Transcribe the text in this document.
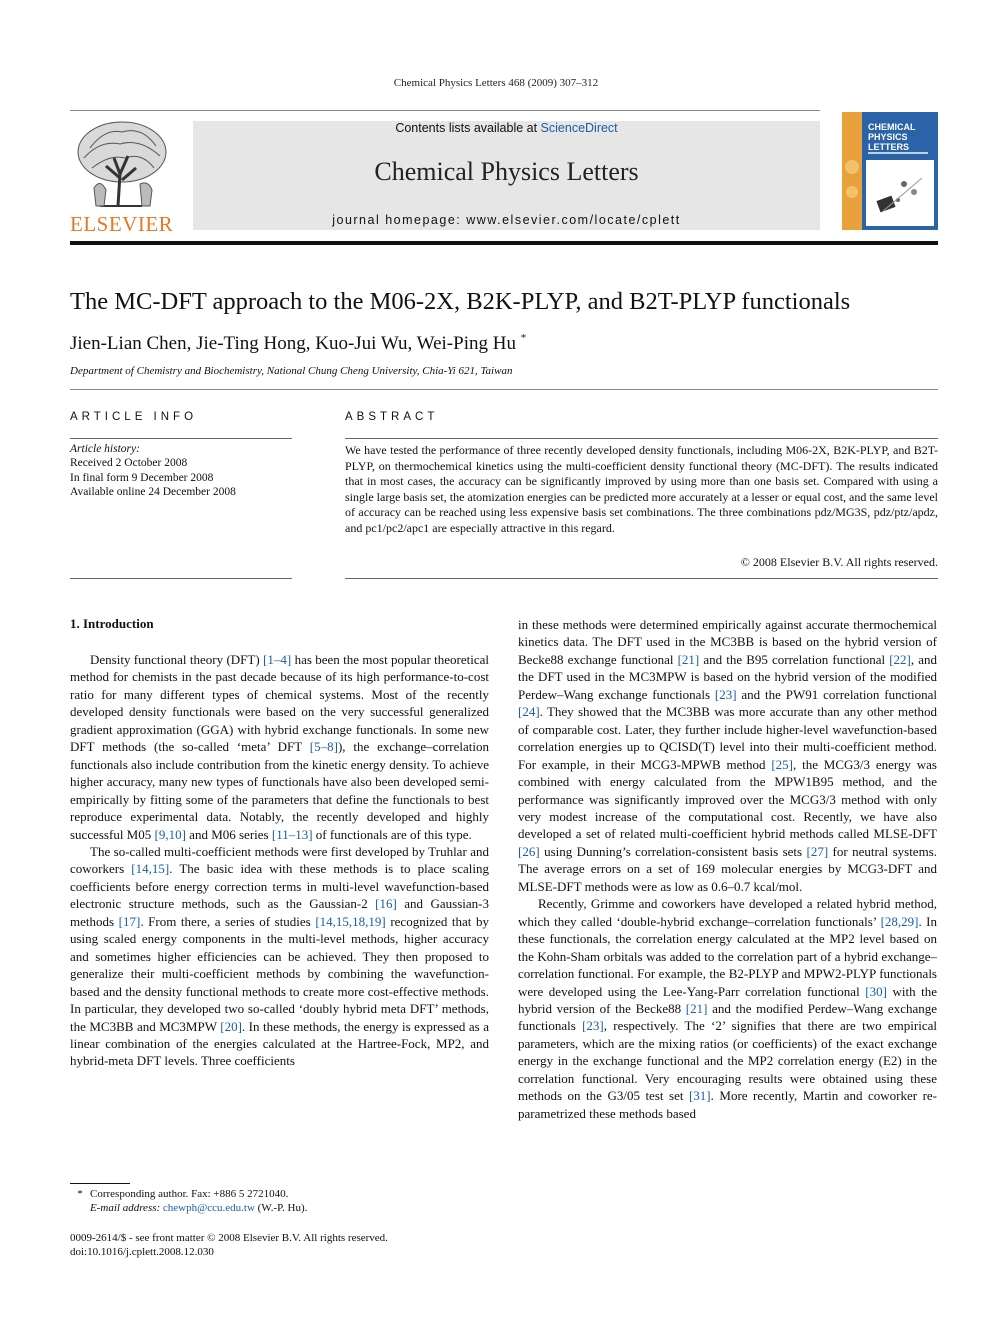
Chemical Physics Letters 468 (2009) 307–312
ELSEVIER
Contents lists available at ScienceDirect
Chemical Physics Letters
journal homepage: www.elsevier.com/locate/cplett
CHEMICAL
PHYSICS
LETTERS
The MC-DFT approach to the M06-2X, B2K-PLYP, and B2T-PLYP functionals
Jien-Lian Chen, Jie-Ting Hong, Kuo-Jui Wu, Wei-Ping Hu *
Department of Chemistry and Biochemistry, National Chung Cheng University, Chia-Yi 621, Taiwan
ARTICLE INFO	ABSTRACT
Article history:
Received 2 October 2008
In final form 9 December 2008
Available online 24 December 2008
We have tested the performance of three recently developed density functionals, including M06-2X, B2K-PLYP, and B2T-PLYP, on thermochemical kinetics using the multi-coefficient density functional theory (MC-DFT). The results indicated that in most cases, the accuracy can be significantly improved by using more than one basis set. Compared with using a single large basis set, the atomization energies can be predicted more accurately at a lesser or equal cost, and the same level of accuracy can be reached using less expensive basis set combinations. The three combinations pdz/MG3S, pdz/ptz/apdz, and pc1/pc2/apc1 are especially attractive in this regard.
© 2008 Elsevier B.V. All rights reserved.
1. Introduction

Density functional theory (DFT) [1–4] has been the most popular theoretical method for chemists in the past decade because of its high performance-to-cost ratio for many different types of chemical systems. Most of the recently developed density functionals were based on the very successful generalized gradient approximation (GGA) with hybrid exchange functionals. In some new DFT methods (the so-called ‘meta’ DFT [5–8]), the exchange–correlation functionals also include contribution from the kinetic energy density. To achieve higher accuracy, many new types of functionals have also been developed semi-empirically by fitting some of the parameters that define the functionals to best reproduce experimental data. Notably, the recently developed and highly successful M05 [9,10] and M06 series [11–13] of functionals are of this type.

The so-called multi-coefficient methods were first developed by Truhlar and coworkers [14,15]. The basic idea with these methods is to place scaling coefficients before energy correction terms in multi-level wavefunction-based electronic structure methods, such as the Gaussian-2 [16] and Gaussian-3 methods [17]. From there, a series of studies [14,15,18,19] recognized that by using scaled energy components in the multi-level methods, higher accuracy and sometimes higher efficiencies can be achieved. They then proposed to generalize their multi-coefficient methods by combining the wavefunction-based and the density functional methods to create more cost-effective methods. In particular, they developed two so-called ‘doubly hybrid meta DFT’ methods, the MC3BB and MC3MPW [20]. In these methods, the energy is expressed as a linear combination of the energies calculated at the Hartree-Fock, MP2, and hybrid-meta DFT levels. Three coefficients

in these methods were determined empirically against accurate thermochemical kinetics data. The DFT used in the MC3BB is based on the hybrid version of Becke88 exchange functional [21] and the B95 correlation functional [22], and the DFT used in the MC3MPW is based on the hybrid version of the modified Perdew–Wang exchange functionals [23] and the PW91 correlation functional [24]. They showed that the MC3BB was more accurate than any other method of comparable cost. Later, they further include higher-level wavefunction-based correlation energies up to QCISD(T) level into their multi-coefficient method. For example, in their MCG3-MPWB method [25], the MCG3/3 energy was combined with energy calculated from the MPW1B95 method, and the performance was significantly improved over the MCG3/3 method with only very modest increase of the computational cost. Recently, we have also developed a set of related multi-coefficient hybrid methods called MLSE-DFT [26] using Dunning’s correlation-consistent basis sets [27] for neutral systems. The average errors on a set of 169 molecular energies by MCG3-DFT and MLSE-DFT methods were as low as 0.6–0.7 kcal/mol.

Recently, Grimme and coworkers have developed a related hybrid method, which they called ‘double-hybrid exchange–correlation functionals’ [28,29]. In these functionals, the correlation energy calculated at the MP2 level based on the Kohn-Sham orbitals was added to the correlation part of a hybrid exchange–correlation functional. For example, the B2-PLYP and MPW2-PLYP functionals were developed using the Lee-Yang-Parr correlation functional [30] with the hybrid version of the Becke88 [21] and the modified Perdew–Wang exchange functionals [23], respectively. The ‘2’ signifies that there are two empirical parameters, which are the mixing ratios (or coefficients) of the exact exchange energy in the exchange functional and the MP2 correlation energy (E2) in the correlation functional. Very encouraging results were obtained using these methods on the G3/05 test set [31]. More recently, Martin and coworker re-parametrized these methods based

* Corresponding author. Fax: +886 5 2721040.
E-mail address: chewph@ccu.edu.tw (W.-P. Hu).
0009-2614/$ - see front matter © 2008 Elsevier B.V. All rights reserved.
doi:10.1016/j.cplett.2008.12.030
